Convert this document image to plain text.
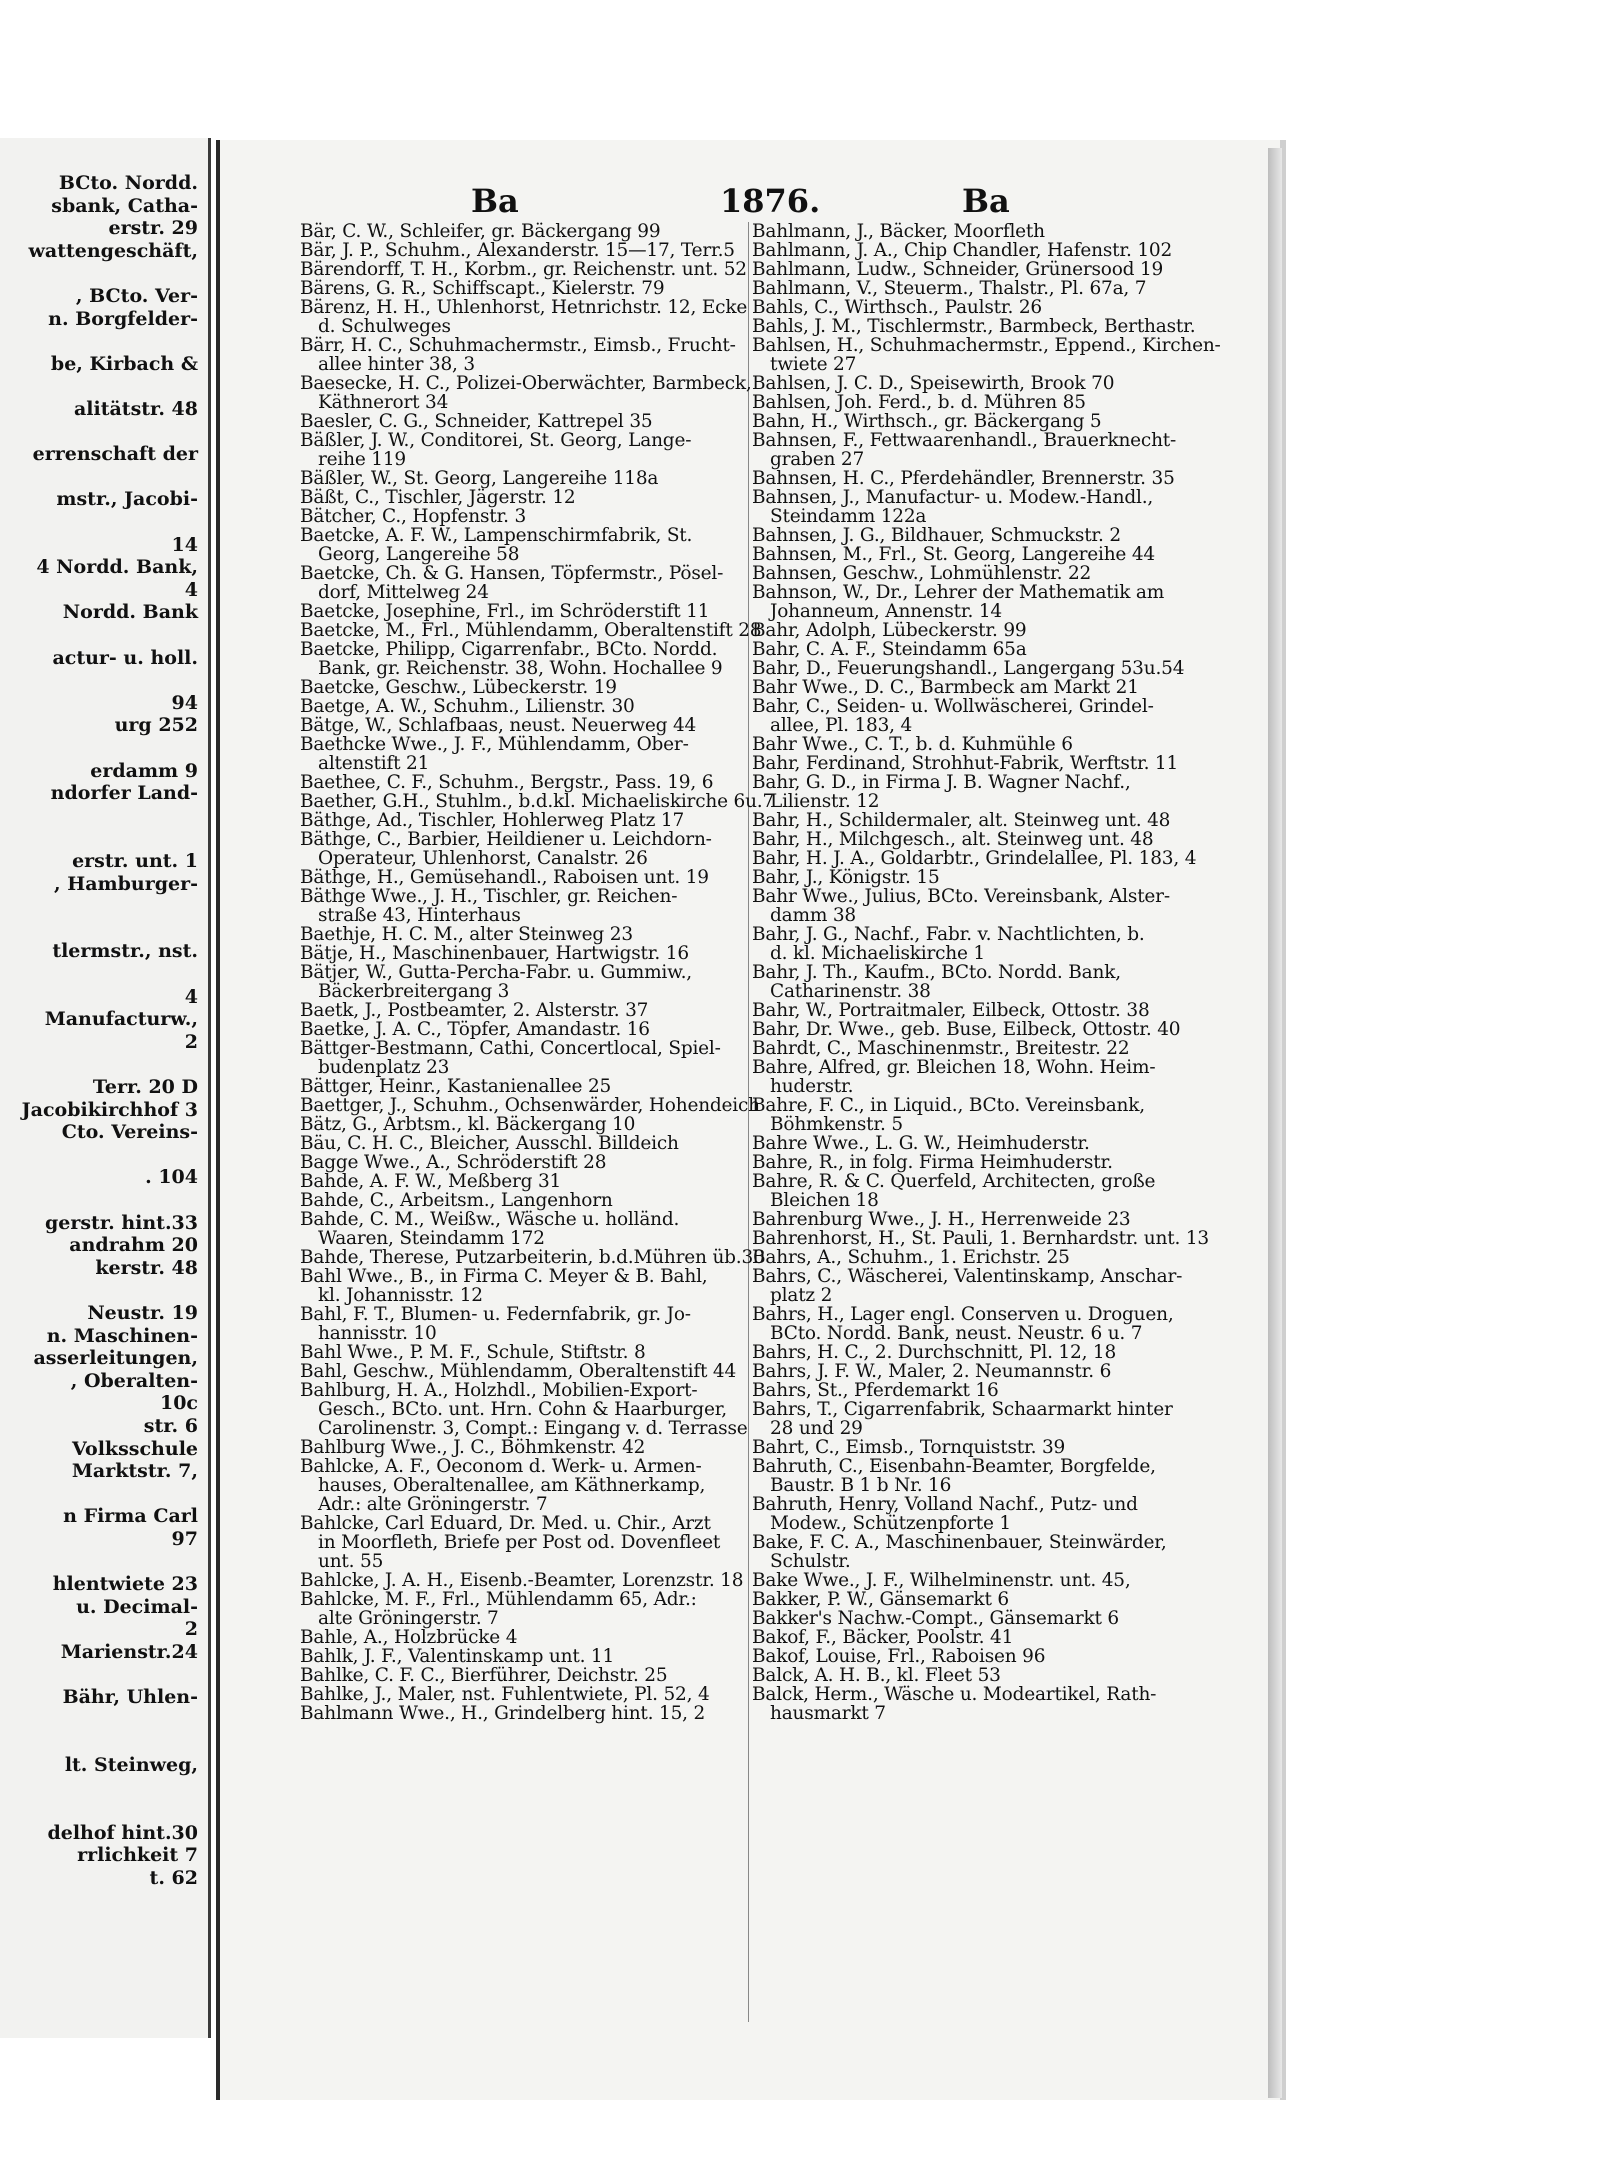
BCto. Nordd.
sbank, Catha-
erstr. 29
wattengeschäft,
, BCto. Ver-
n. Borgfelder-
be, Kirbach &
alitätstr. 48
errenschaft der
mstr., Jacobi-
14
4 Nordd. Bank,
4
Nordd. Bank
actur- u. holl.
94
urg 252
erdamm 9
ndorfer Land-
erstr. unt. 1
, Hamburger-
tlermstr., nst.
4
Manufacturw.,
2
Terr. 20 D
Jacobikirchhof 3
Cto. Vereins-
. 104
gerstr. hint.33
andrahm 20
kerstr. 48
Neustr. 19
n. Maschinen-
asserleitungen,
, Oberalten-
10c
str. 6
Volksschule
Marktstr. 7,
n Firma Carl
97
hlentwiete 23
u. Decimal-
2
Marienstr.24
Bähr, Uhlen-
lt. Steinweg,
delhof hint.30
rrlichkeit 7
t. 62
Ba	1876.	Ba
Bär, C. W., Schleifer, gr. Bäckergang 99
Bär, J. P., Schuhm., Alexanderstr. 15—17, Terr.5
Bärendorff, T. H., Korbm., gr. Reichenstr. unt. 52
Bärens, G. R., Schiffscapt., Kielerstr. 79
Bärenz, H. H., Uhlenhorst, Hetnrichstr. 12, Ecke
d. Schulweges
Bärr, H. C., Schuhmachermstr., Eimsb., Frucht-
allee hinter 38, 3
Baesecke, H. C., Polizei-Oberwächter, Barmbeck,
Käthnerort 34
Baesler, C. G., Schneider, Kattrepel 35
Bäßler, J. W., Conditorei, St. Georg, Lange-
reihe 119
Bäßler, W., St. Georg, Langereihe 118a
Bäßt, C., Tischler, Jägerstr. 12
Bätcher, C., Hopfenstr. 3
Baetcke, A. F. W., Lampenschirmfabrik, St.
Georg, Langereihe 58
Baetcke, Ch. & G. Hansen, Töpfermstr., Pösel-
dorf, Mittelweg 24
Baetcke, Josephine, Frl., im Schröderstift 11
Baetcke, M., Frl., Mühlendamm, Oberaltenstift 28
Baetcke, Philipp, Cigarrenfabr., BCto. Nordd.
Bank, gr. Reichenstr. 38, Wohn. Hochallee 9
Baetcke, Geschw., Lübeckerstr. 19
Baetge, A. W., Schuhm., Lilienstr. 30
Bätge, W., Schlafbaas, neust. Neuerweg 44
Baethcke Wwe., J. F., Mühlendamm, Ober-
altenstift 21
Baethee, C. F., Schuhm., Bergstr., Pass. 19, 6
Baether, G.H., Stuhlm., b.d.kl. Michaeliskirche 6u.7
Bäthge, Ad., Tischler, Hohlerweg Platz 17
Bäthge, C., Barbier, Heildiener u. Leichdorn-
Operateur, Uhlenhorst, Canalstr. 26
Bäthge, H., Gemüsehandl., Raboisen unt. 19
Bäthge Wwe., J. H., Tischler, gr. Reichen-
straße 43, Hinterhaus
Baethje, H. C. M., alter Steinweg 23
Bätje, H., Maschinenbauer, Hartwigstr. 16
Bätjer, W., Gutta-Percha-Fabr. u. Gummiw.,
Bäckerbreitergang 3
Baetk, J., Postbeamter, 2. Alsterstr. 37
Baetke, J. A. C., Töpfer, Amandastr. 16
Bättger-Bestmann, Cathi, Concertlocal, Spiel-
budenplatz 23
Bättger, Heinr., Kastanienallee 25
Baettger, J., Schuhm., Ochsenwärder, Hohendeich
Bätz, G., Arbtsm., kl. Bäckergang 10
Bäu, C. H. C., Bleicher, Ausschl. Billdeich
Bagge Wwe., A., Schröderstift 28
Bahde, A. F. W., Meßberg 31
Bahde, C., Arbeitsm., Langenhorn
Bahde, C. M., Weißw., Wäsche u. holländ.
Waaren, Steindamm 172
Bahde, Therese, Putzarbeiterin, b.d.Mühren üb.30
Bahl Wwe., B., in Firma C. Meyer & B. Bahl,
kl. Johannisstr. 12
Bahl, F. T., Blumen- u. Federnfabrik, gr. Jo-
hannisstr. 10
Bahl Wwe., P. M. F., Schule, Stiftstr. 8
Bahl, Geschw., Mühlendamm, Oberaltenstift 44
Bahlburg, H. A., Holzhdl., Mobilien-Export-
Gesch., BCto. unt. Hrn. Cohn & Haarburger,
Carolinenstr. 3, Compt.: Eingang v. d. Terrasse
Bahlburg Wwe., J. C., Böhmkenstr. 42
Bahlcke, A. F., Oeconom d. Werk- u. Armen-
hauses, Oberaltenallee, am Käthnerkamp,
Adr.: alte Gröningerstr. 7
Bahlcke, Carl Eduard, Dr. Med. u. Chir., Arzt
in Moorfleth, Briefe per Post od. Dovenfleet
unt. 55
Bahlcke, J. A. H., Eisenb.-Beamter, Lorenzstr. 18
Bahlcke, M. F., Frl., Mühlendamm 65, Adr.:
alte Gröningerstr. 7
Bahle, A., Holzbrücke 4
Bahlk, J. F., Valentinskamp unt. 11
Bahlke, C. F. C., Bierführer, Deichstr. 25
Bahlke, J., Maler, nst. Fuhlentwiete, Pl. 52, 4
Bahlmann Wwe., H., Grindelberg hint. 15, 2
Bahlmann, J., Bäcker, Moorfleth
Bahlmann, J. A., Chip Chandler, Hafenstr. 102
Bahlmann, Ludw., Schneider, Grünersood 19
Bahlmann, V., Steuerm., Thalstr., Pl. 67a, 7
Bahls, C., Wirthsch., Paulstr. 26
Bahls, J. M., Tischlermstr., Barmbeck, Berthastr.
Bahlsen, H., Schuhmachermstr., Eppend., Kirchen-
twiete 27
Bahlsen, J. C. D., Speisewirth, Brook 70
Bahlsen, Joh. Ferd., b. d. Mühren 85
Bahn, H., Wirthsch., gr. Bäckergang 5
Bahnsen, F., Fettwaarenhandl., Brauerknecht-
graben 27
Bahnsen, H. C., Pferdehändler, Brennerstr. 35
Bahnsen, J., Manufactur- u. Modew.-Handl.,
Steindamm 122a
Bahnsen, J. G., Bildhauer, Schmuckstr. 2
Bahnsen, M., Frl., St. Georg, Langereihe 44
Bahnsen, Geschw., Lohmühlenstr. 22
Bahnson, W., Dr., Lehrer der Mathematik am
Johanneum, Annenstr. 14
Bahr, Adolph, Lübeckerstr. 99
Bahr, C. A. F., Steindamm 65a
Bahr, D., Feuerungshandl., Langergang 53u.54
Bahr Wwe., D. C., Barmbeck am Markt 21
Bahr, C., Seiden- u. Wollwäscherei, Grindel-
allee, Pl. 183, 4
Bahr Wwe., C. T., b. d. Kuhmühle 6
Bahr, Ferdinand, Strohhut-Fabrik, Werftstr. 11
Bahr, G. D., in Firma J. B. Wagner Nachf.,
Lilienstr. 12
Bahr, H., Schildermaler, alt. Steinweg unt. 48
Bahr, H., Milchgesch., alt. Steinweg unt. 48
Bahr, H. J. A., Goldarbtr., Grindelallee, Pl. 183, 4
Bahr, J., Königstr. 15
Bahr Wwe., Julius, BCto. Vereinsbank, Alster-
damm 38
Bahr, J. G., Nachf., Fabr. v. Nachtlichten, b.
d. kl. Michaeliskirche 1
Bahr, J. Th., Kaufm., BCto. Nordd. Bank,
Catharinenstr. 38
Bahr, W., Portraitmaler, Eilbeck, Ottostr. 38
Bahr, Dr. Wwe., geb. Buse, Eilbeck, Ottostr. 40
Bahrdt, C., Maschinenmstr., Breitestr. 22
Bahre, Alfred, gr. Bleichen 18, Wohn. Heim-
huderstr.
Bahre, F. C., in Liquid., BCto. Vereinsbank,
Böhmkenstr. 5
Bahre Wwe., L. G. W., Heimhuderstr.
Bahre, R., in folg. Firma Heimhuderstr.
Bahre, R. & C. Querfeld, Architecten, große
Bleichen 18
Bahrenburg Wwe., J. H., Herrenweide 23
Bahrenhorst, H., St. Pauli, 1. Bernhardstr. unt. 13
Bahrs, A., Schuhm., 1. Erichstr. 25
Bahrs, C., Wäscherei, Valentinskamp, Anschar-
platz 2
Bahrs, H., Lager engl. Conserven u. Droguen,
BCto. Nordd. Bank, neust. Neustr. 6 u. 7
Bahrs, H. C., 2. Durchschnitt, Pl. 12, 18
Bahrs, J. F. W., Maler, 2. Neumannstr. 6
Bahrs, St., Pferdemarkt 16
Bahrs, T., Cigarrenfabrik, Schaarmarkt hinter
28 und 29
Bahrt, C., Eimsb., Tornquiststr. 39
Bahruth, C., Eisenbahn-Beamter, Borgfelde,
Baustr. B 1 b Nr. 16
Bahruth, Henry, Volland Nachf., Putz- und
Modew., Schützenpforte 1
Bake, F. C. A., Maschinenbauer, Steinwärder,
Schulstr.
Bake Wwe., J. F., Wilhelminenstr. unt. 45,
Bakker, P. W., Gänsemarkt 6
Bakker's Nachw.-Compt., Gänsemarkt 6
Bakof, F., Bäcker, Poolstr. 41
Bakof, Louise, Frl., Raboisen 96
Balck, A. H. B., kl. Fleet 53
Balck, Herm., Wäsche u. Modeartikel, Rath-
hausmarkt 7
